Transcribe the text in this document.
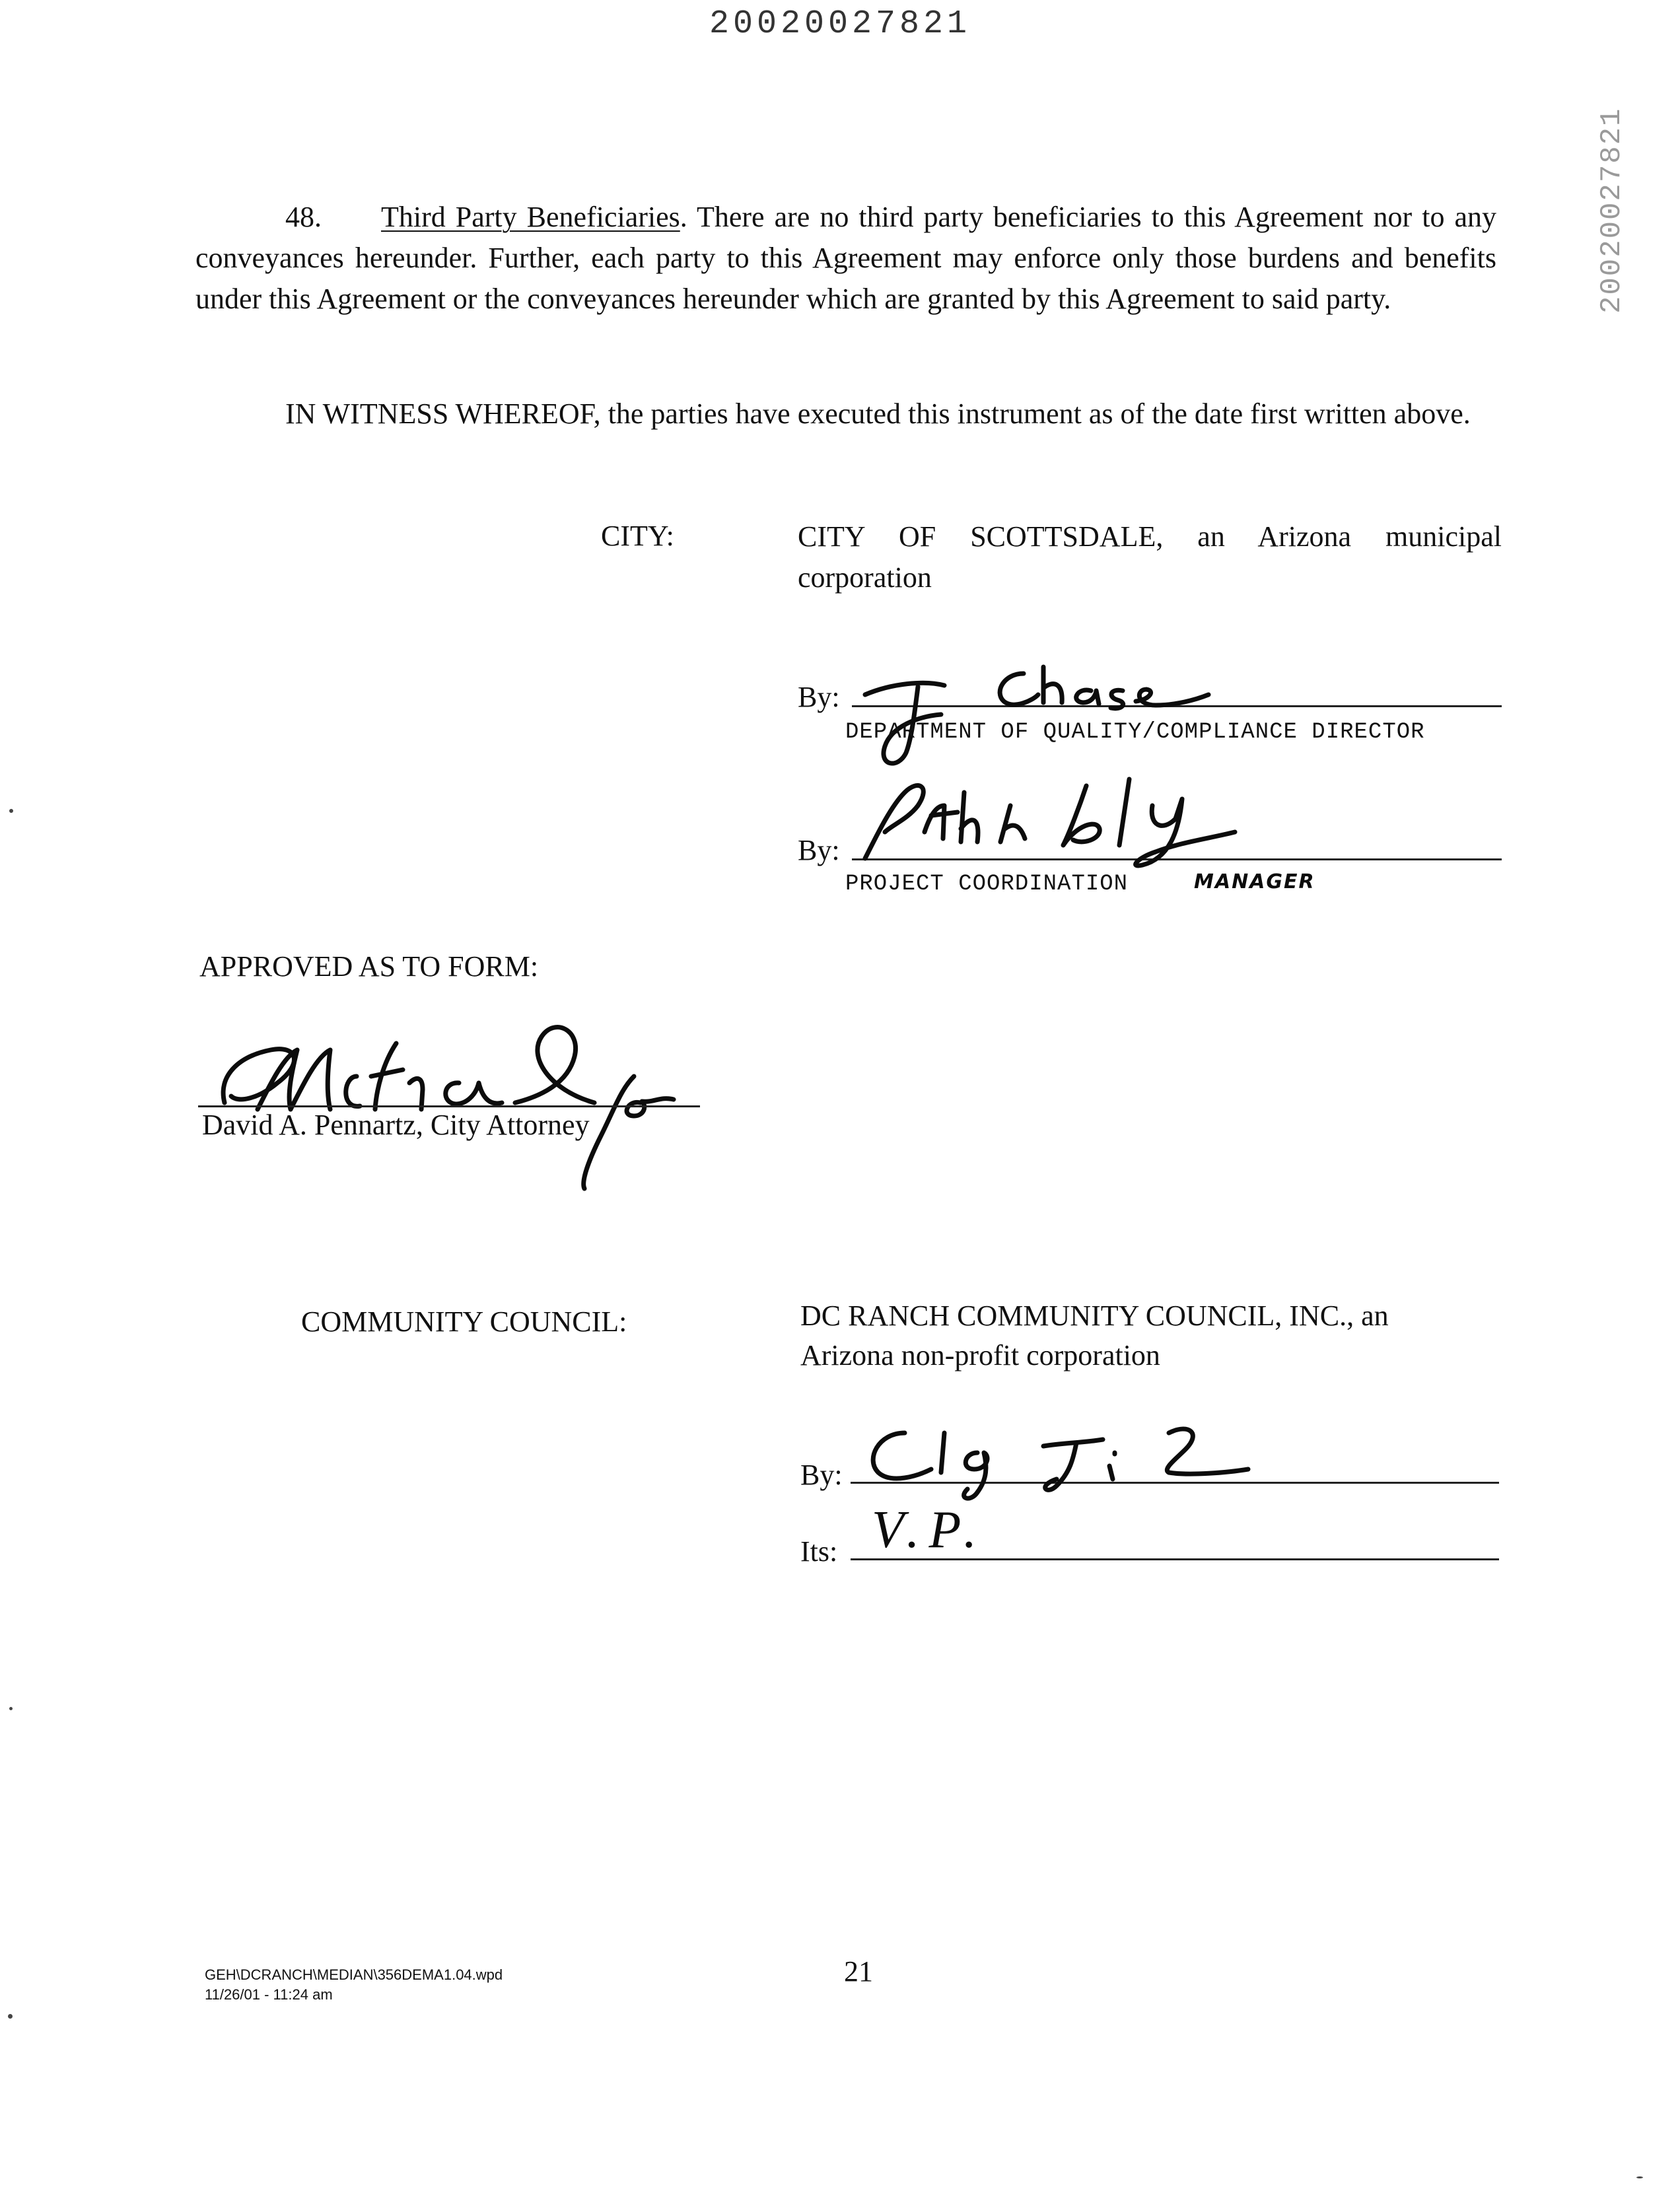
20020027821
20020027821
48. Third Party Beneficiaries. There are no third party beneficiaries to this Agreement nor to any conveyances hereunder. Further, each party to this Agreement may enforce only those burdens and benefits under this Agreement or the conveyances hereunder which are granted by this Agreement to said party.
IN WITNESS WHEREOF, the parties have executed this instrument as of the date first written above.
CITY:	CITY OF SCOTTSDALE, an Arizona municipal
corporation
By:
DEPARTMENT OF QUALITY/COMPLIANCE DIRECTOR
By:
PROJECT COORDINATION	MANAGER
APPROVED AS TO FORM:
David A. Pennartz, City Attorney
COMMUNITY COUNCIL:	DC RANCH COMMUNITY COUNCIL, INC., an
Arizona non-profit corporation
By:
Its: V.P.
GEH\DCRANCH\MEDIAN\356DEMA1.04.wpd
11/26/01 - 11:24 am
21
